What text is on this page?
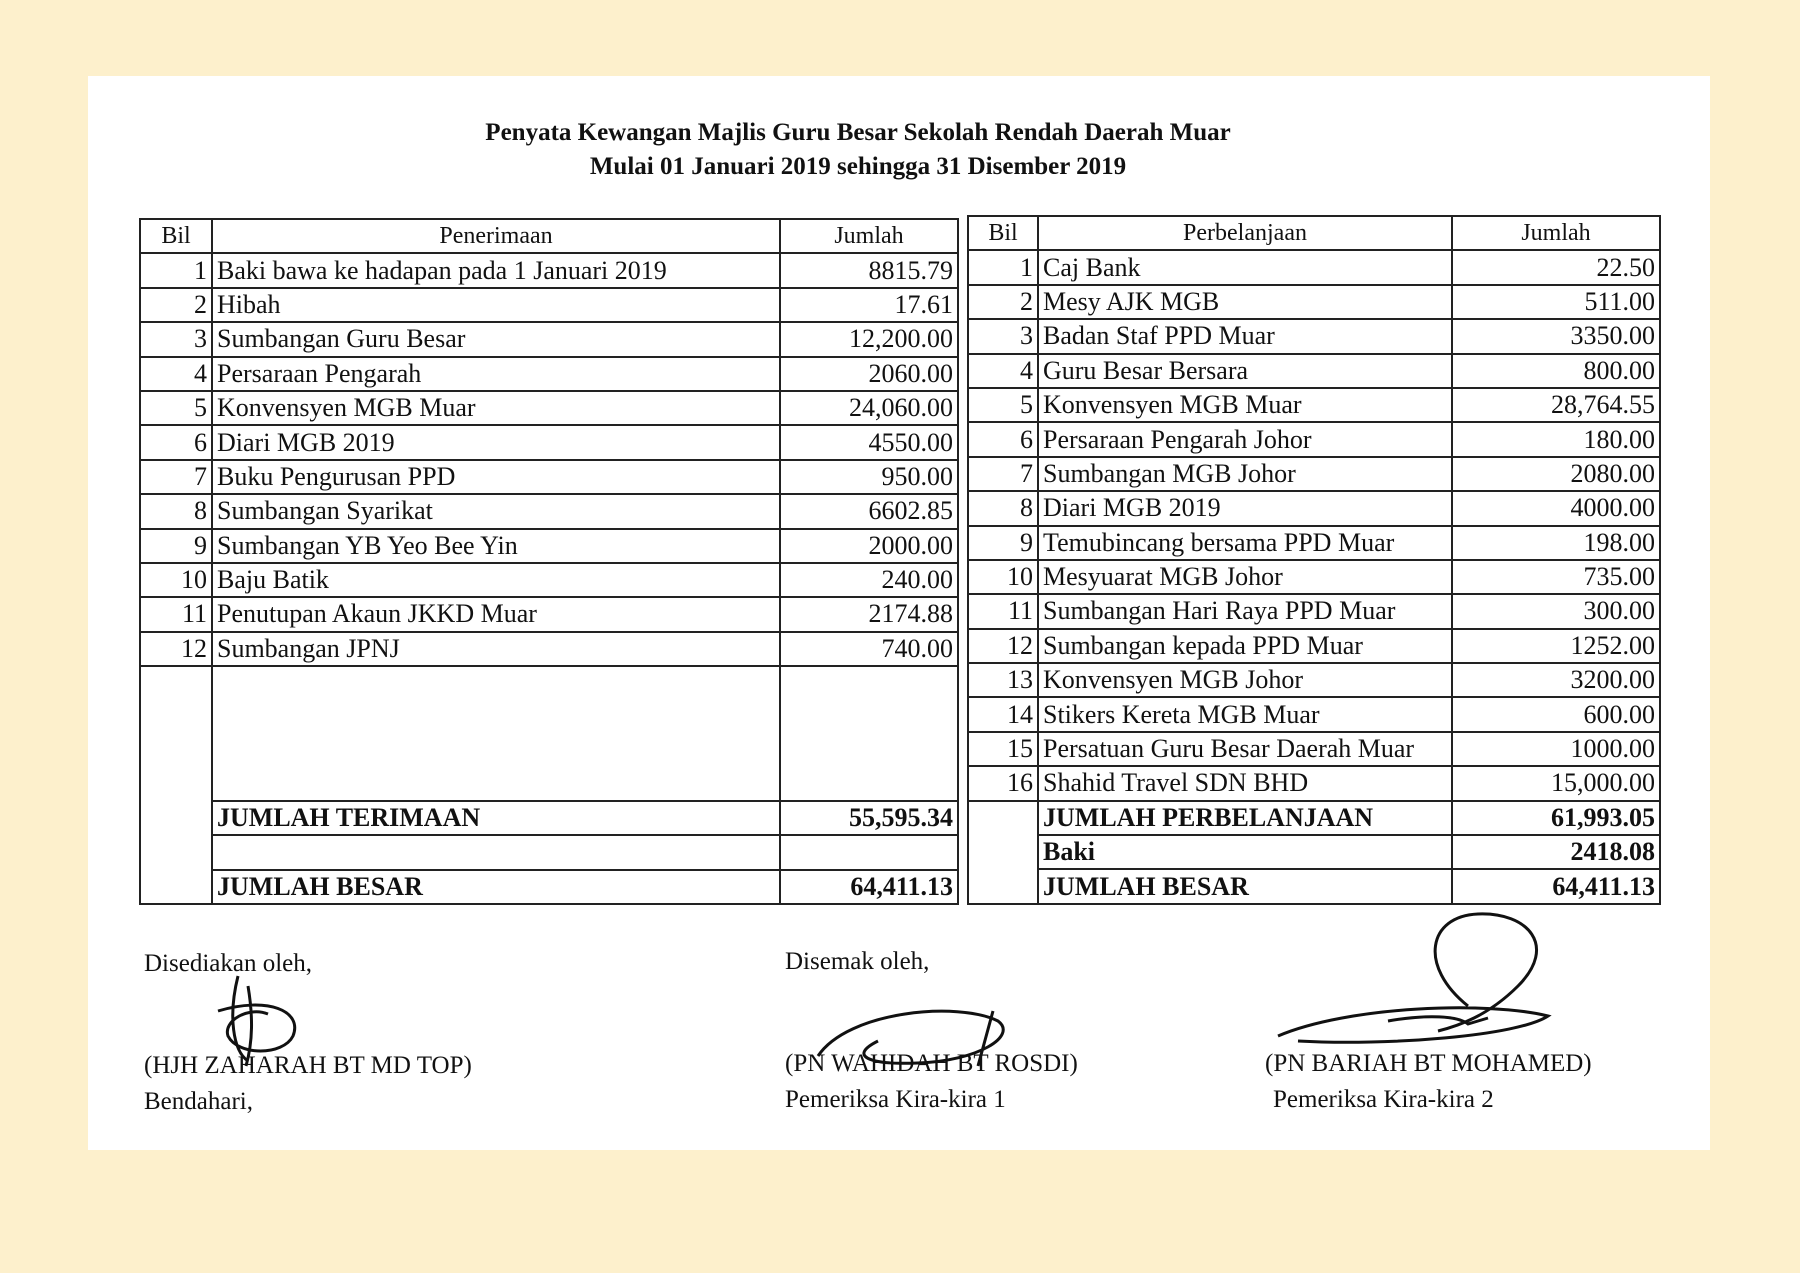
Penyata Kewangan Majlis Guru Besar Sekolah Rendah Daerah Muar
Mulai 01 Januari 2019 sehingga 31 Disember 2019
Bil	Penerimaan	Jumlah
1	Baki bawa ke hadapan pada 1 Januari 2019	8815.79
2	Hibah	17.61
3	Sumbangan Guru Besar	12,200.00
4	Persaraan Pengarah	2060.00
5	Konvensyen MGB Muar	24,060.00
6	Diari MGB 2019	4550.00
7	Buku Pengurusan PPD	950.00
8	Sumbangan Syarikat	6602.85
9	Sumbangan YB Yeo Bee Yin	2000.00
10	Baju Batik	240.00
11	Penutupan Akaun JKKD Muar	2174.88
12	Sumbangan JPNJ	740.00

	JUMLAH TERIMAAN	55,595.34

	JUMLAH BESAR	64,411.13
Bil	Perbelanjaan	Jumlah
1	Caj Bank	22.50
2	Mesy AJK MGB	511.00
3	Badan Staf PPD Muar	3350.00
4	Guru Besar Bersara	800.00
5	Konvensyen MGB Muar	28,764.55
6	Persaraan Pengarah Johor	180.00
7	Sumbangan MGB Johor	2080.00
8	Diari MGB 2019	4000.00
9	Temubincang bersama PPD Muar	198.00
10	Mesyuarat MGB Johor	735.00
11	Sumbangan Hari Raya PPD Muar	300.00
12	Sumbangan kepada PPD Muar	1252.00
13	Konvensyen MGB Johor	3200.00
14	Stikers Kereta MGB Muar	600.00
15	Persatuan Guru Besar Daerah Muar	1000.00
16	Shahid Travel SDN BHD	15,000.00
	JUMLAH PERBELANJAAN	61,993.05
	Baki	2418.08
	JUMLAH BESAR	64,411.13
Disediakan oleh,
(HJH ZAHARAH BT MD TOP)
Bendahari,
Disemak oleh,
(PN WAHIDAH BT ROSDI)
Pemeriksa Kira-kira 1
(PN BARIAH BT MOHAMED)
Pemeriksa Kira-kira 2
